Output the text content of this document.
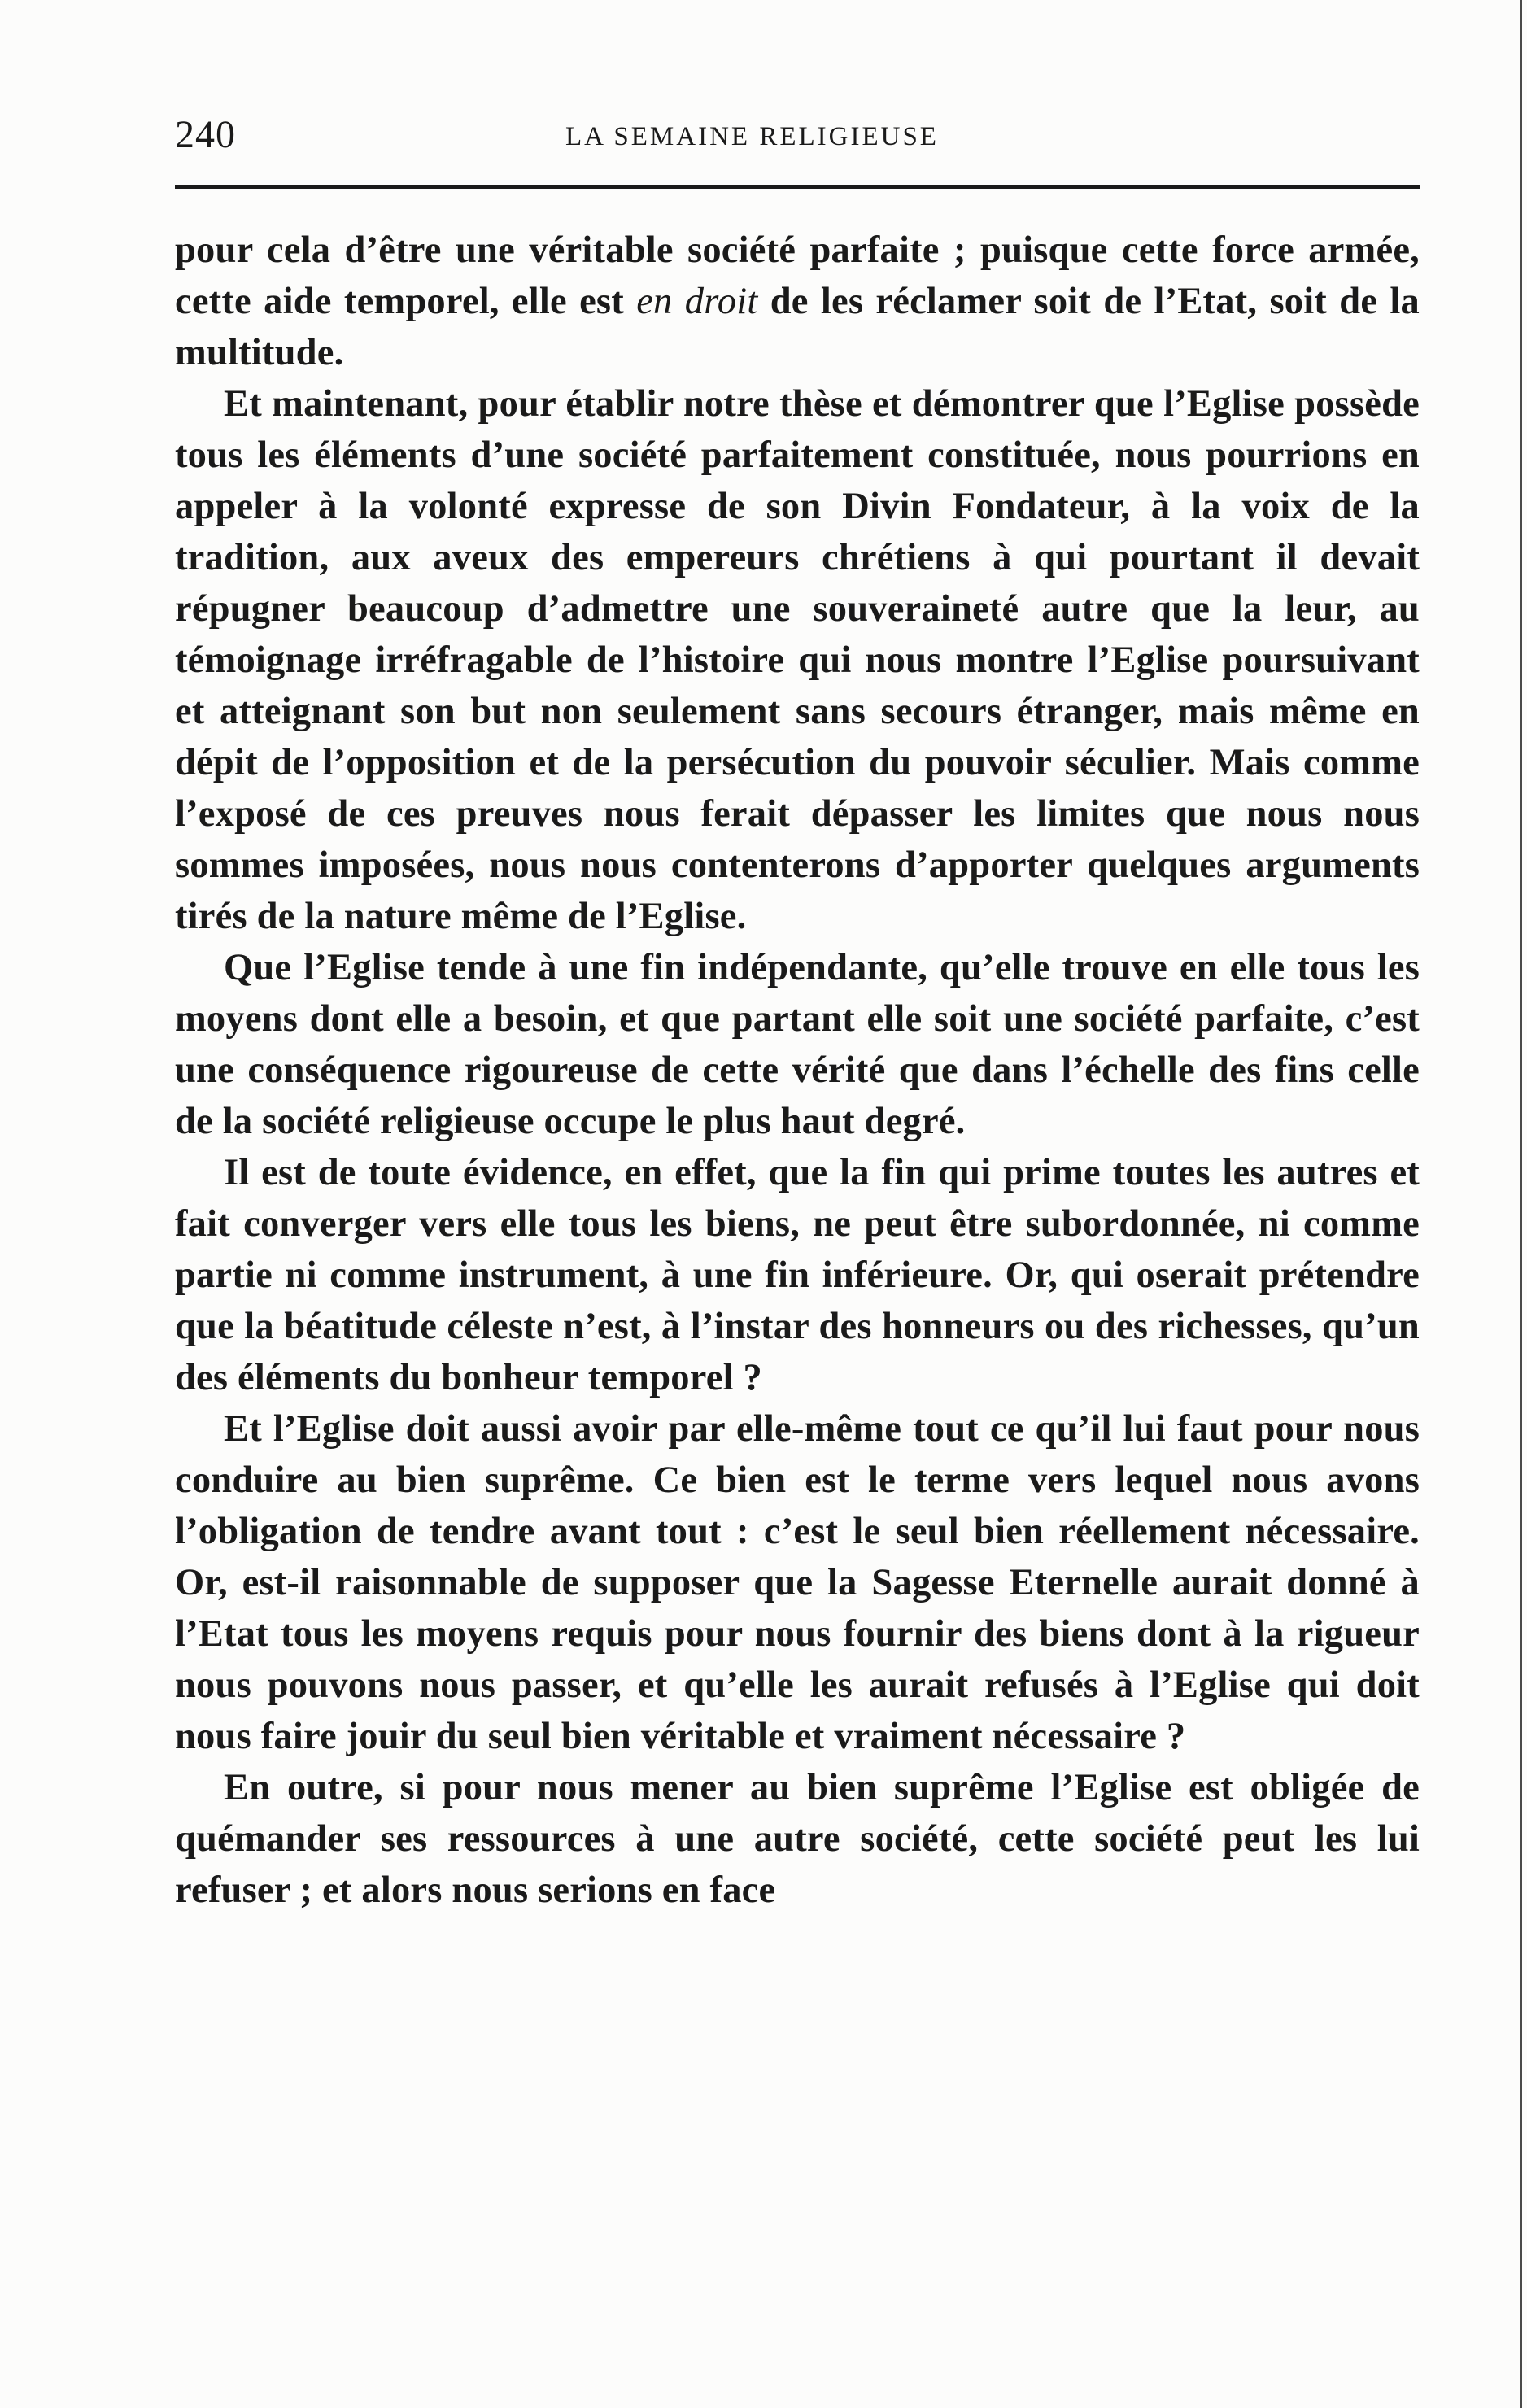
240	LA SEMAINE RELIGIEUSE

pour cela d’être une véritable société parfaite ; puisque cette force armée, cette aide temporel, elle est en droit de les réclamer soit de l’Etat, soit de la multitude.

Et maintenant, pour établir notre thèse et démontrer que l’Eglise possède tous les éléments d’une société parfaitement constituée, nous pourrions en appeler à la volonté expresse de son Divin Fondateur, à la voix de la tradition, aux aveux des empereurs chrétiens à qui pourtant il devait répugner beaucoup d’admettre une souveraineté autre que la leur, au témoignage irréfragable de l’histoire qui nous montre l’Eglise poursuivant et atteignant son but non seulement sans secours étranger, mais même en dépit de l’opposition et de la persécution du pouvoir séculier. Mais comme l’exposé de ces preuves nous ferait dépasser les limites que nous nous sommes imposées, nous nous contenterons d’apporter quelques arguments tirés de la nature même de l’Eglise.

Que l’Eglise tende à une fin indépendante, qu’elle trouve en elle tous les moyens dont elle a besoin, et que partant elle soit une société parfaite, c’est une conséquence rigoureuse de cette vérité que dans l’échelle des fins celle de la société religieuse occupe le plus haut degré.

Il est de toute évidence, en effet, que la fin qui prime toutes les autres et fait converger vers elle tous les biens, ne peut être subordonnée, ni comme partie ni comme instrument, à une fin inférieure. Or, qui oserait prétendre que la béatitude céleste n’est, à l’instar des honneurs ou des richesses, qu’un des éléments du bonheur temporel ?

Et l’Eglise doit aussi avoir par elle-même tout ce qu’il lui faut pour nous conduire au bien suprême. Ce bien est le terme vers lequel nous avons l’obligation de tendre avant tout : c’est le seul bien réellement nécessaire. Or, est-il raisonnable de supposer que la Sagesse Eternelle aurait donné à l’Etat tous les moyens requis pour nous fournir des biens dont à la rigueur nous pouvons nous passer, et qu’elle les aurait refusés à l’Eglise qui doit nous faire jouir du seul bien véritable et vraiment nécessaire ?

En outre, si pour nous mener au bien suprême l’Eglise est obligée de quémander ses ressources à une autre société, cette société peut les lui refuser ; et alors nous serions en face
